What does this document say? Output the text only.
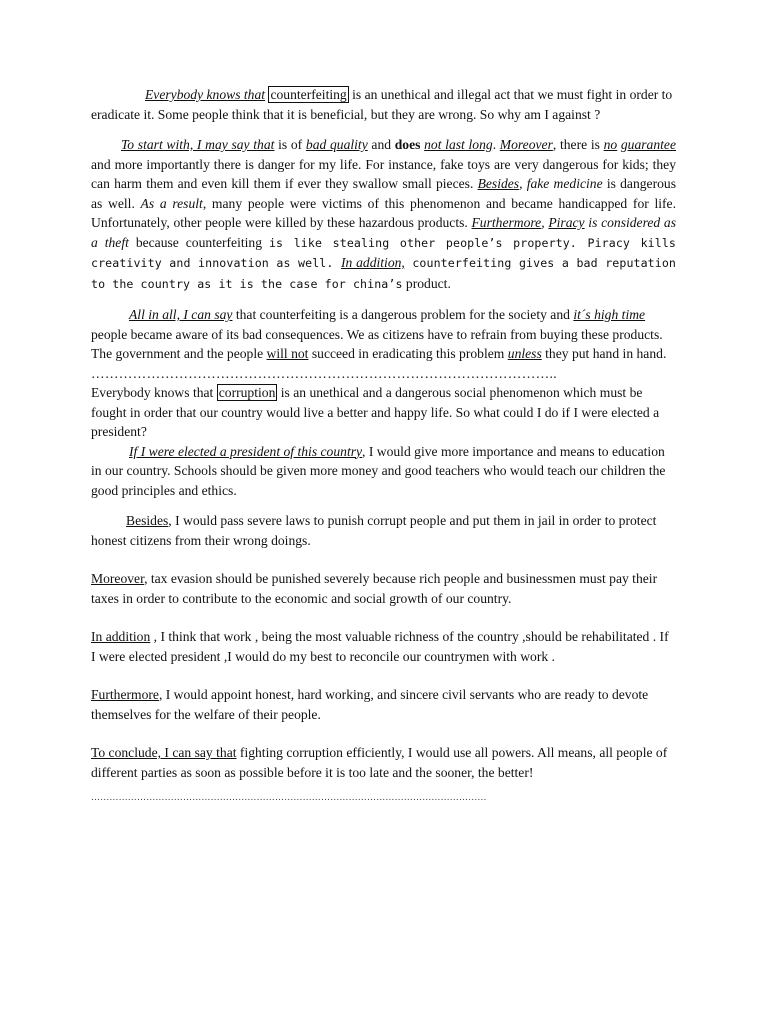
Everybody knows that counterfeiting is an unethical and illegal act that we must fight in order to eradicate it. Some people think that it is beneficial, but they are wrong. So why am I against ?

To start with, I may say that is of bad quality and does not last long. Moreover, there is no guarantee and more importantly there is danger for my life. For instance, fake toys are very dangerous for kids; they can harm them and even kill them if ever they swallow small pieces. Besides, fake medicine is dangerous as well. As a result, many people were victims of this phenomenon and became handicapped for life. Unfortunately, other people were killed by these hazardous products. Furthermore, Piracy is considered as a theft because counterfeiting is like stealing other people’s property. Piracy kills creativity and innovation as well. In addition, counterfeiting gives a bad reputation to the country as it is the case for china’s product.

All in all, I can say that counterfeiting is a dangerous problem for the society and it´s high time people became aware of its bad consequences. We as citizens have to refrain from buying these products. The government and the people will not succeed in eradicating this problem unless they put hand in hand.

………………………………………………………………………………………..

Everybody knows that corruption is an unethical and a dangerous social phenomenon which must be fought in order that our country would live a better and happy life. So what could I do if I were elected a president?

If I were elected a president of this country, I would give more importance and means to education in our country. Schools should be given more money and good teachers who would teach our children the good principles and ethics.

Besides, I would pass severe laws to punish corrupt people and put them in jail in order to protect honest citizens from their wrong doings.

Moreover, tax evasion should be punished severely because rich people and businessmen must pay their taxes in order to contribute to the economic and social growth of our country.

In addition , I think that work , being the most valuable richness of the country ,should be rehabilitated . If I were elected president ,I would do my best to reconcile our countrymen with work .

Furthermore, I would appoint honest, hard working, and sincere civil servants who are ready to devote themselves for the welfare of their people.

To conclude, I can say that fighting corruption efficiently, I would use all powers. All means, all people of different parties as soon as possible before it is too late and the sooner, the better!

…………………………………………………………………………………………………………………
